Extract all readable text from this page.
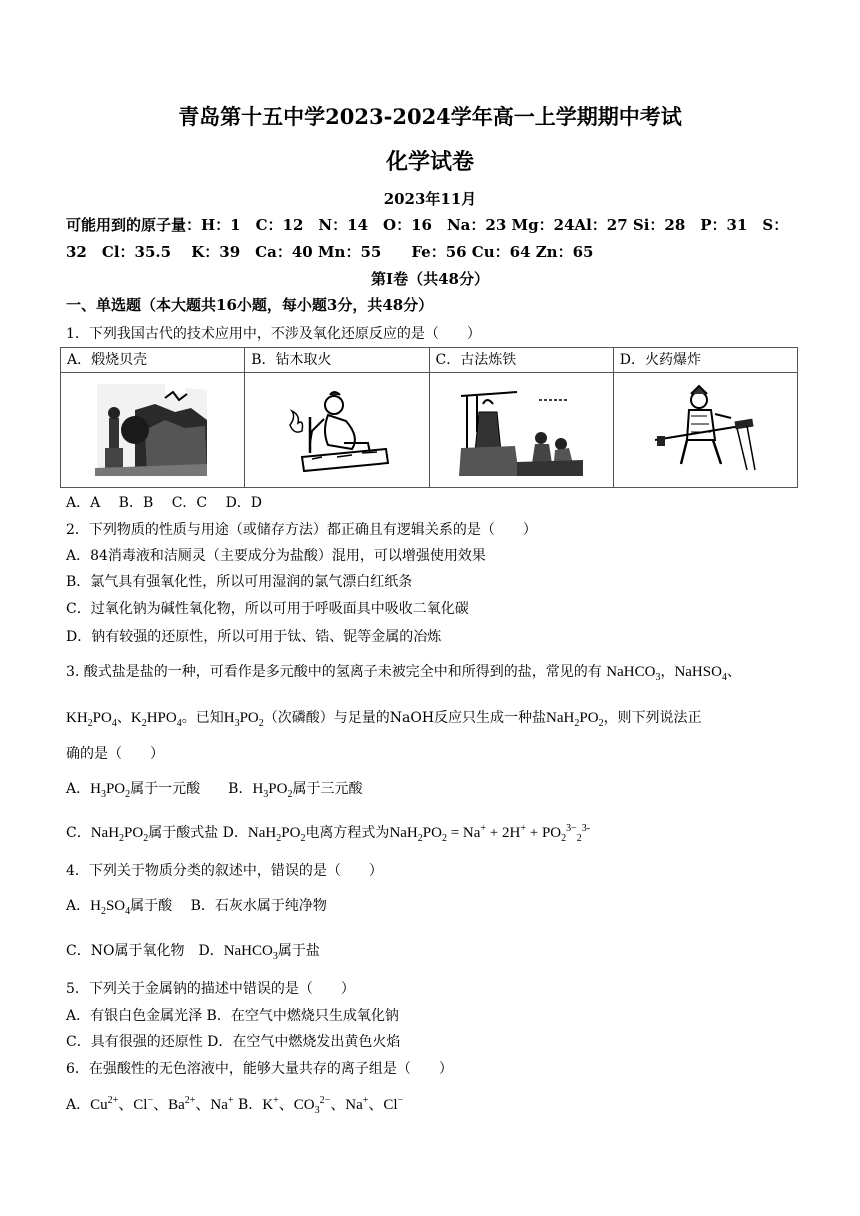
青岛第十五中学2023-2024学年高一上学期期中考试
化学试卷
2023年11月
可能用到的原子量：H：1　C：12　N：14　O：16　Na：23 Mg：24Al：27 Si：28　P：31　S：
32　Cl：35.5　 K：39　Ca：40 Mn：55　　Fe：56 Cu：64 Zn：65
第Ⅰ卷（共48分）
一、单选题（本大题共16小题，每小题3分，共48分）
1．下列我国古代的技术应用中，不涉及氧化还原反应的是（　　）
A．煅烧贝壳	B．钻木取火	C．古法炼铁	D．火药爆炸

A．A　 B．B　 C．C　 D．D
2．下列物质的性质与用途（或储存方法）都正确且有逻辑关系的是（　　）
A．84消毒液和洁厕灵（主要成分为盐酸）混用，可以增强使用效果
B．氯气具有强氧化性，所以可用湿润的氯气漂白红纸条
C．过氧化钠为碱性氧化物，所以可用于呼吸面具中吸收二氧化碳
D．钠有较强的还原性，所以可用于钛、锆、铌等金属的冶炼
3. 酸式盐是盐的一种，可看作是多元酸中的氢离子未被完全中和所得到的盐，常见的有 NaHCO$_3$，NaHSO$_4$、
$KH_2PO_4$、$K_2HPO_4$。已知$H_3PO_2$（次磷酸）与足量的NaOH反应只生成一种盐$NaH_2PO_2$，则下列说法正
确的是（　　）
A．$H_3PO_2$属于一元酸　　B．$H_3PO_2$属于三元酸
C．$NaH_2PO_2$属于酸式盐 D．$NaH_2PO_2$电离方程式为$NaH_2PO_2 = Na^+ + 2H^+ + PO_2^{3-}_2^{3-}$
4．下列关于物质分类的叙述中，错误的是（　　）
A．$H_2SO_4$属于酸　 B．石灰水属于纯净物
C．NO属于氧化物　D．NaHCO$_3$属于盐
5．下列关于金属钠的描述中错误的是（　　）
A．有银白色金属光泽 B．在空气中燃烧只生成氧化钠
C．具有很强的还原性 D．在空气中燃烧发出黄色火焰
6．在强酸性的无色溶液中，能够大量共存的离子组是（　　）
A．$Cu^{2+}$、Cl−、$Ba^{2+}$、Na+ B．K+、$CO_3^{2-}$、Na+、Cl−
